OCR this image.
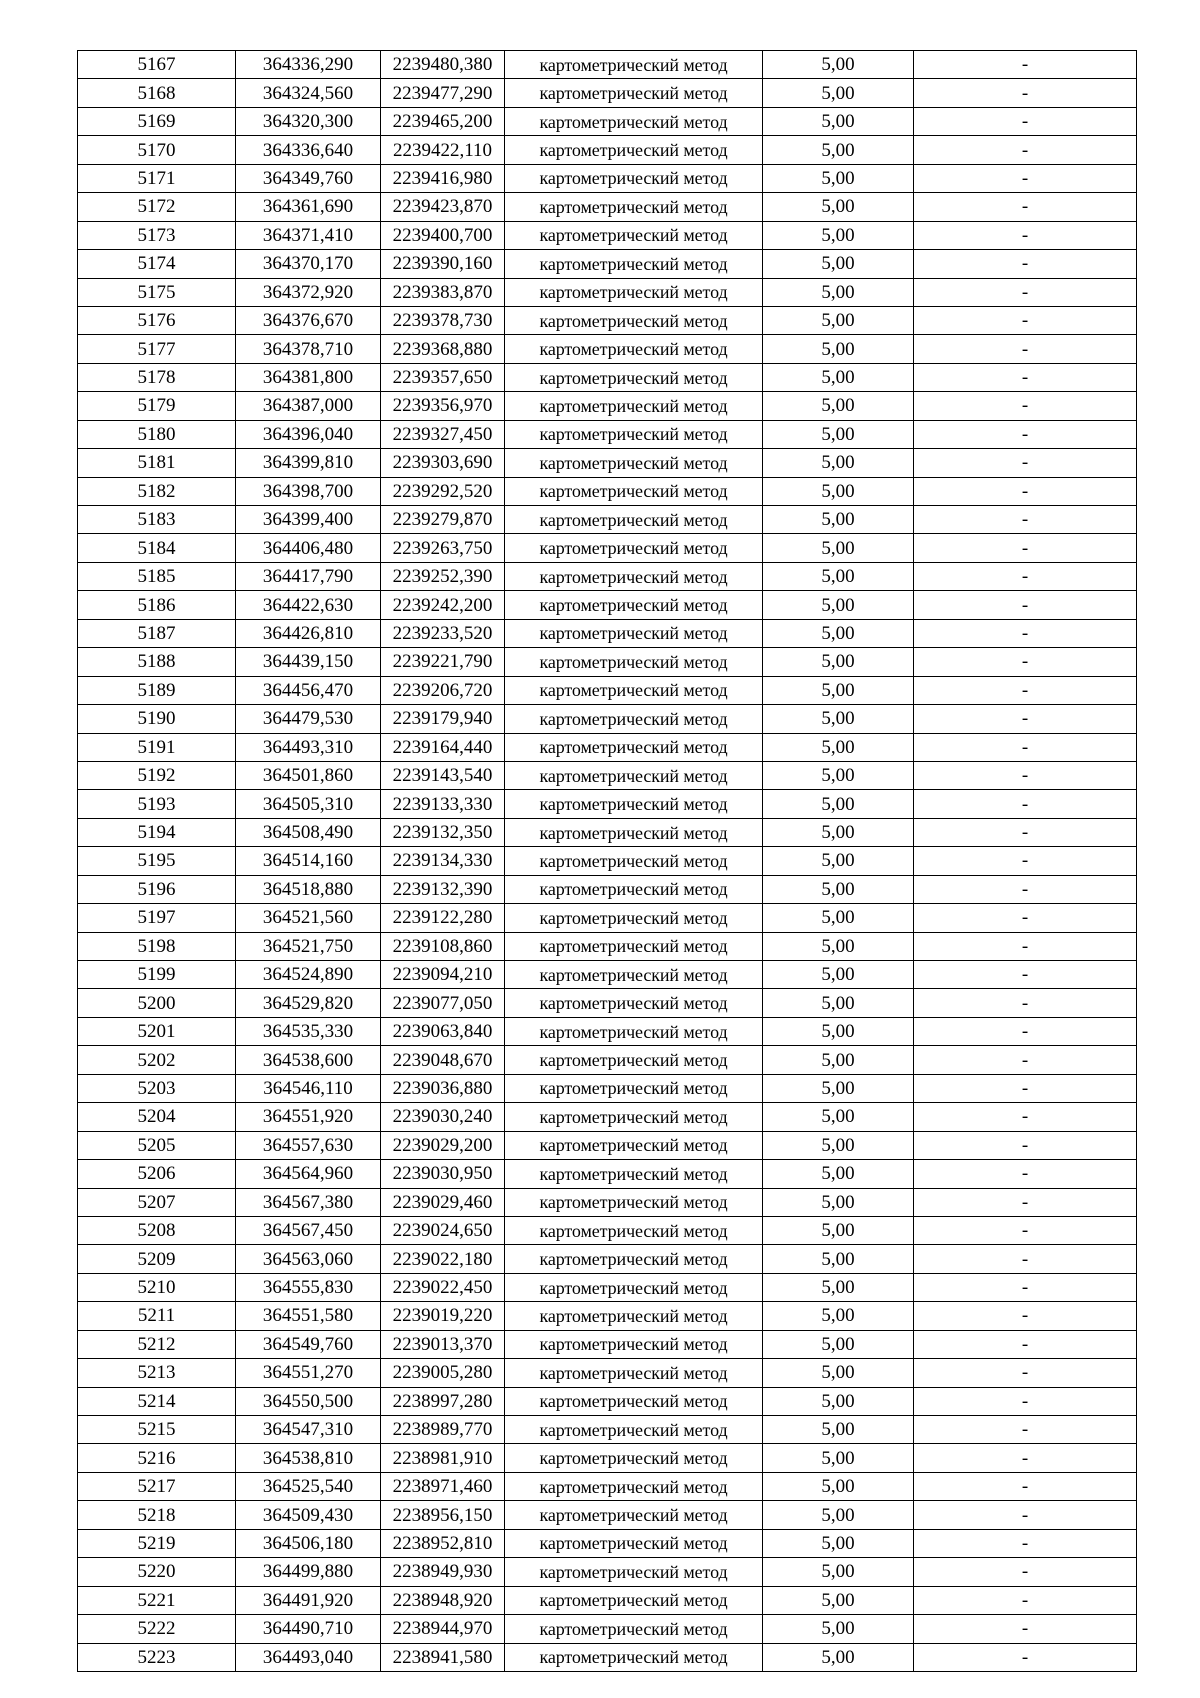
5167	364336,290	2239480,380	картометрический метод	5,00	-
5168	364324,560	2239477,290	картометрический метод	5,00	-
5169	364320,300	2239465,200	картометрический метод	5,00	-
5170	364336,640	2239422,110	картометрический метод	5,00	-
5171	364349,760	2239416,980	картометрический метод	5,00	-
5172	364361,690	2239423,870	картометрический метод	5,00	-
5173	364371,410	2239400,700	картометрический метод	5,00	-
5174	364370,170	2239390,160	картометрический метод	5,00	-
5175	364372,920	2239383,870	картометрический метод	5,00	-
5176	364376,670	2239378,730	картометрический метод	5,00	-
5177	364378,710	2239368,880	картометрический метод	5,00	-
5178	364381,800	2239357,650	картометрический метод	5,00	-
5179	364387,000	2239356,970	картометрический метод	5,00	-
5180	364396,040	2239327,450	картометрический метод	5,00	-
5181	364399,810	2239303,690	картометрический метод	5,00	-
5182	364398,700	2239292,520	картометрический метод	5,00	-
5183	364399,400	2239279,870	картометрический метод	5,00	-
5184	364406,480	2239263,750	картометрический метод	5,00	-
5185	364417,790	2239252,390	картометрический метод	5,00	-
5186	364422,630	2239242,200	картометрический метод	5,00	-
5187	364426,810	2239233,520	картометрический метод	5,00	-
5188	364439,150	2239221,790	картометрический метод	5,00	-
5189	364456,470	2239206,720	картометрический метод	5,00	-
5190	364479,530	2239179,940	картометрический метод	5,00	-
5191	364493,310	2239164,440	картометрический метод	5,00	-
5192	364501,860	2239143,540	картометрический метод	5,00	-
5193	364505,310	2239133,330	картометрический метод	5,00	-
5194	364508,490	2239132,350	картометрический метод	5,00	-
5195	364514,160	2239134,330	картометрический метод	5,00	-
5196	364518,880	2239132,390	картометрический метод	5,00	-
5197	364521,560	2239122,280	картометрический метод	5,00	-
5198	364521,750	2239108,860	картометрический метод	5,00	-
5199	364524,890	2239094,210	картометрический метод	5,00	-
5200	364529,820	2239077,050	картометрический метод	5,00	-
5201	364535,330	2239063,840	картометрический метод	5,00	-
5202	364538,600	2239048,670	картометрический метод	5,00	-
5203	364546,110	2239036,880	картометрический метод	5,00	-
5204	364551,920	2239030,240	картометрический метод	5,00	-
5205	364557,630	2239029,200	картометрический метод	5,00	-
5206	364564,960	2239030,950	картометрический метод	5,00	-
5207	364567,380	2239029,460	картометрический метод	5,00	-
5208	364567,450	2239024,650	картометрический метод	5,00	-
5209	364563,060	2239022,180	картометрический метод	5,00	-
5210	364555,830	2239022,450	картометрический метод	5,00	-
5211	364551,580	2239019,220	картометрический метод	5,00	-
5212	364549,760	2239013,370	картометрический метод	5,00	-
5213	364551,270	2239005,280	картометрический метод	5,00	-
5214	364550,500	2238997,280	картометрический метод	5,00	-
5215	364547,310	2238989,770	картометрический метод	5,00	-
5216	364538,810	2238981,910	картометрический метод	5,00	-
5217	364525,540	2238971,460	картометрический метод	5,00	-
5218	364509,430	2238956,150	картометрический метод	5,00	-
5219	364506,180	2238952,810	картометрический метод	5,00	-
5220	364499,880	2238949,930	картометрический метод	5,00	-
5221	364491,920	2238948,920	картометрический метод	5,00	-
5222	364490,710	2238944,970	картометрический метод	5,00	-
5223	364493,040	2238941,580	картометрический метод	5,00	-
